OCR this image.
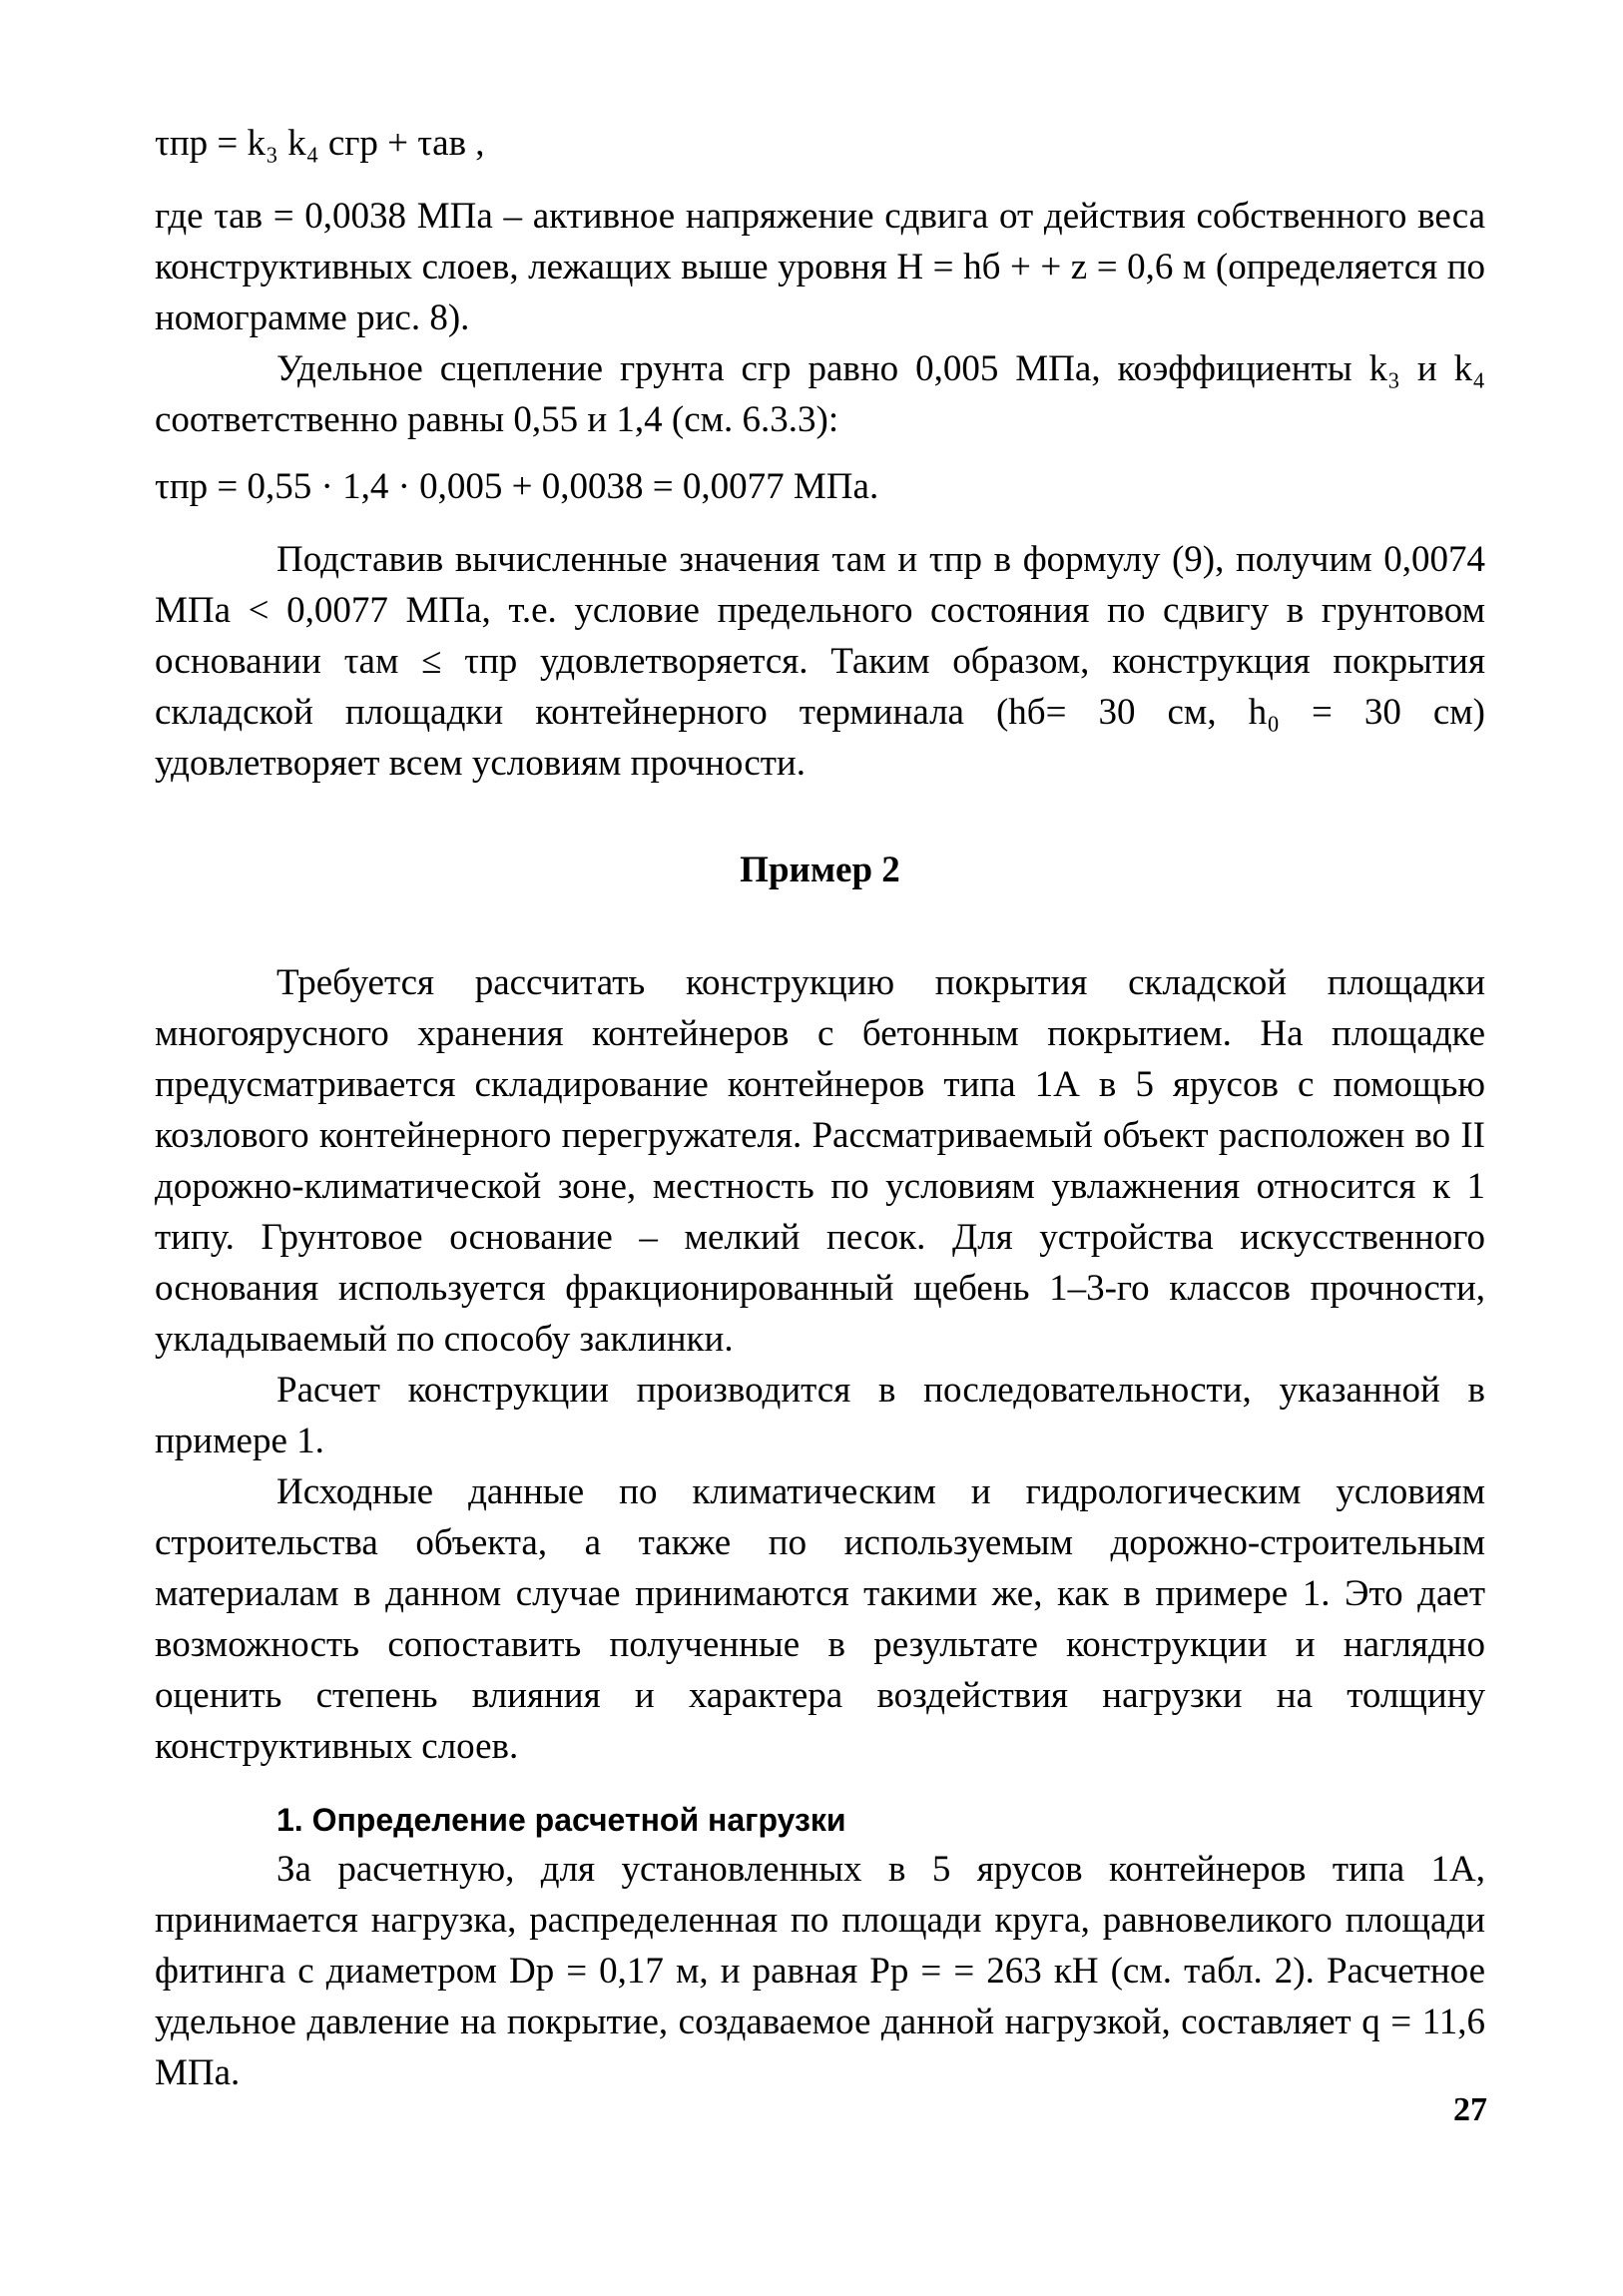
τпр = k₃ k₄ cгр + τав ,

где τав = 0,0038 МПа – активное напряжение сдвига от действия собственного веса конструктивных слоев, лежащих выше уровня H = hб + + z = 0,6 м (определяется по номограмме рис. 8).

Удельное сцепление грунта cгр равно 0,005 МПа, коэффициенты k₃ и k₄ соответственно равны 0,55 и 1,4 (см. 6.3.3):

τпр = 0,55 · 1,4 · 0,005 + 0,0038 = 0,0077 МПа.

Подставив вычисленные значения τам и τпр в формулу (9), получим 0,0074 МПа < 0,0077 МПа, т.е. условие предельного состояния по сдвигу в грунтовом основании τам ≤ τпр удовлетворяется. Таким образом, конструкция покрытия складской площадки контейнерного терминала (hб= 30 см, h₀ = 30 см) удовлетворяет всем условиям прочности.

Пример 2

Требуется рассчитать конструкцию покрытия складской площадки многоярусного хранения контейнеров с бетонным покрытием. На площадке предусматривается складирование контейнеров типа 1А в 5 ярусов с помощью козлового контейнерного перегружателя. Рассматриваемый объект расположен во II дорожно-климатической зоне, местность по условиям увлажнения относится к 1 типу. Грунтовое основание – мелкий песок. Для устройства искусственного основания используется фракционированный щебень 1–3-го классов прочности, укладываемый по способу заклинки.

Расчет конструкции производится в последовательности, указанной в примере 1.

Исходные данные по климатическим и гидрологическим условиям строительства объекта, а также по используемым дорожно-строительным материалам в данном случае принимаются такими же, как в примере 1. Это дает возможность сопоставить полученные в результате конструкции и наглядно оценить степень влияния и характера воздействия нагрузки на толщину конструктивных слоев.

1. Определение расчетной нагрузки

За расчетную, для установленных в 5 ярусов контейнеров типа 1А, принимается нагрузка, распределенная по площади круга, равновеликого площади фитинга с диаметром Dр = 0,17 м, и равная Pр = = 263 кН (см. табл. 2). Расчетное удельное давление на покрытие, создаваемое данной нагрузкой, составляет q = 11,6 МПа.

27
